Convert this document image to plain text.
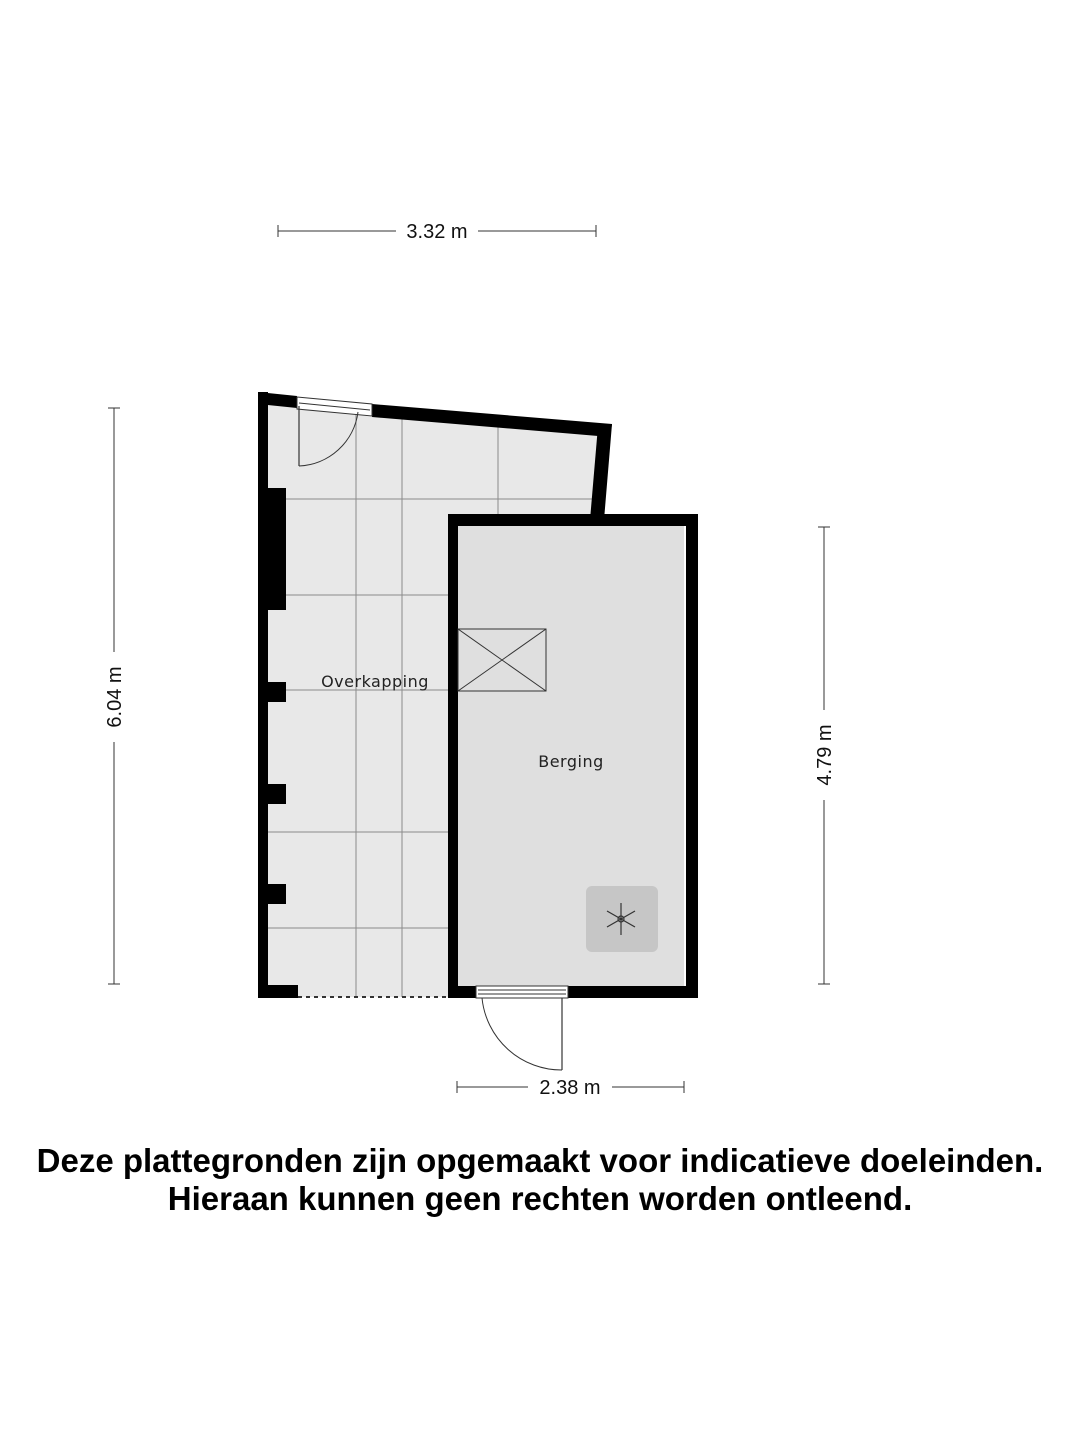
Overkapping
Berging
3.32 m
6.04 m
4.79 m
2.38 m
Deze plattegronden zijn opgemaakt voor indicatieve doeleinden.
Hieraan kunnen geen rechten worden ontleend.
